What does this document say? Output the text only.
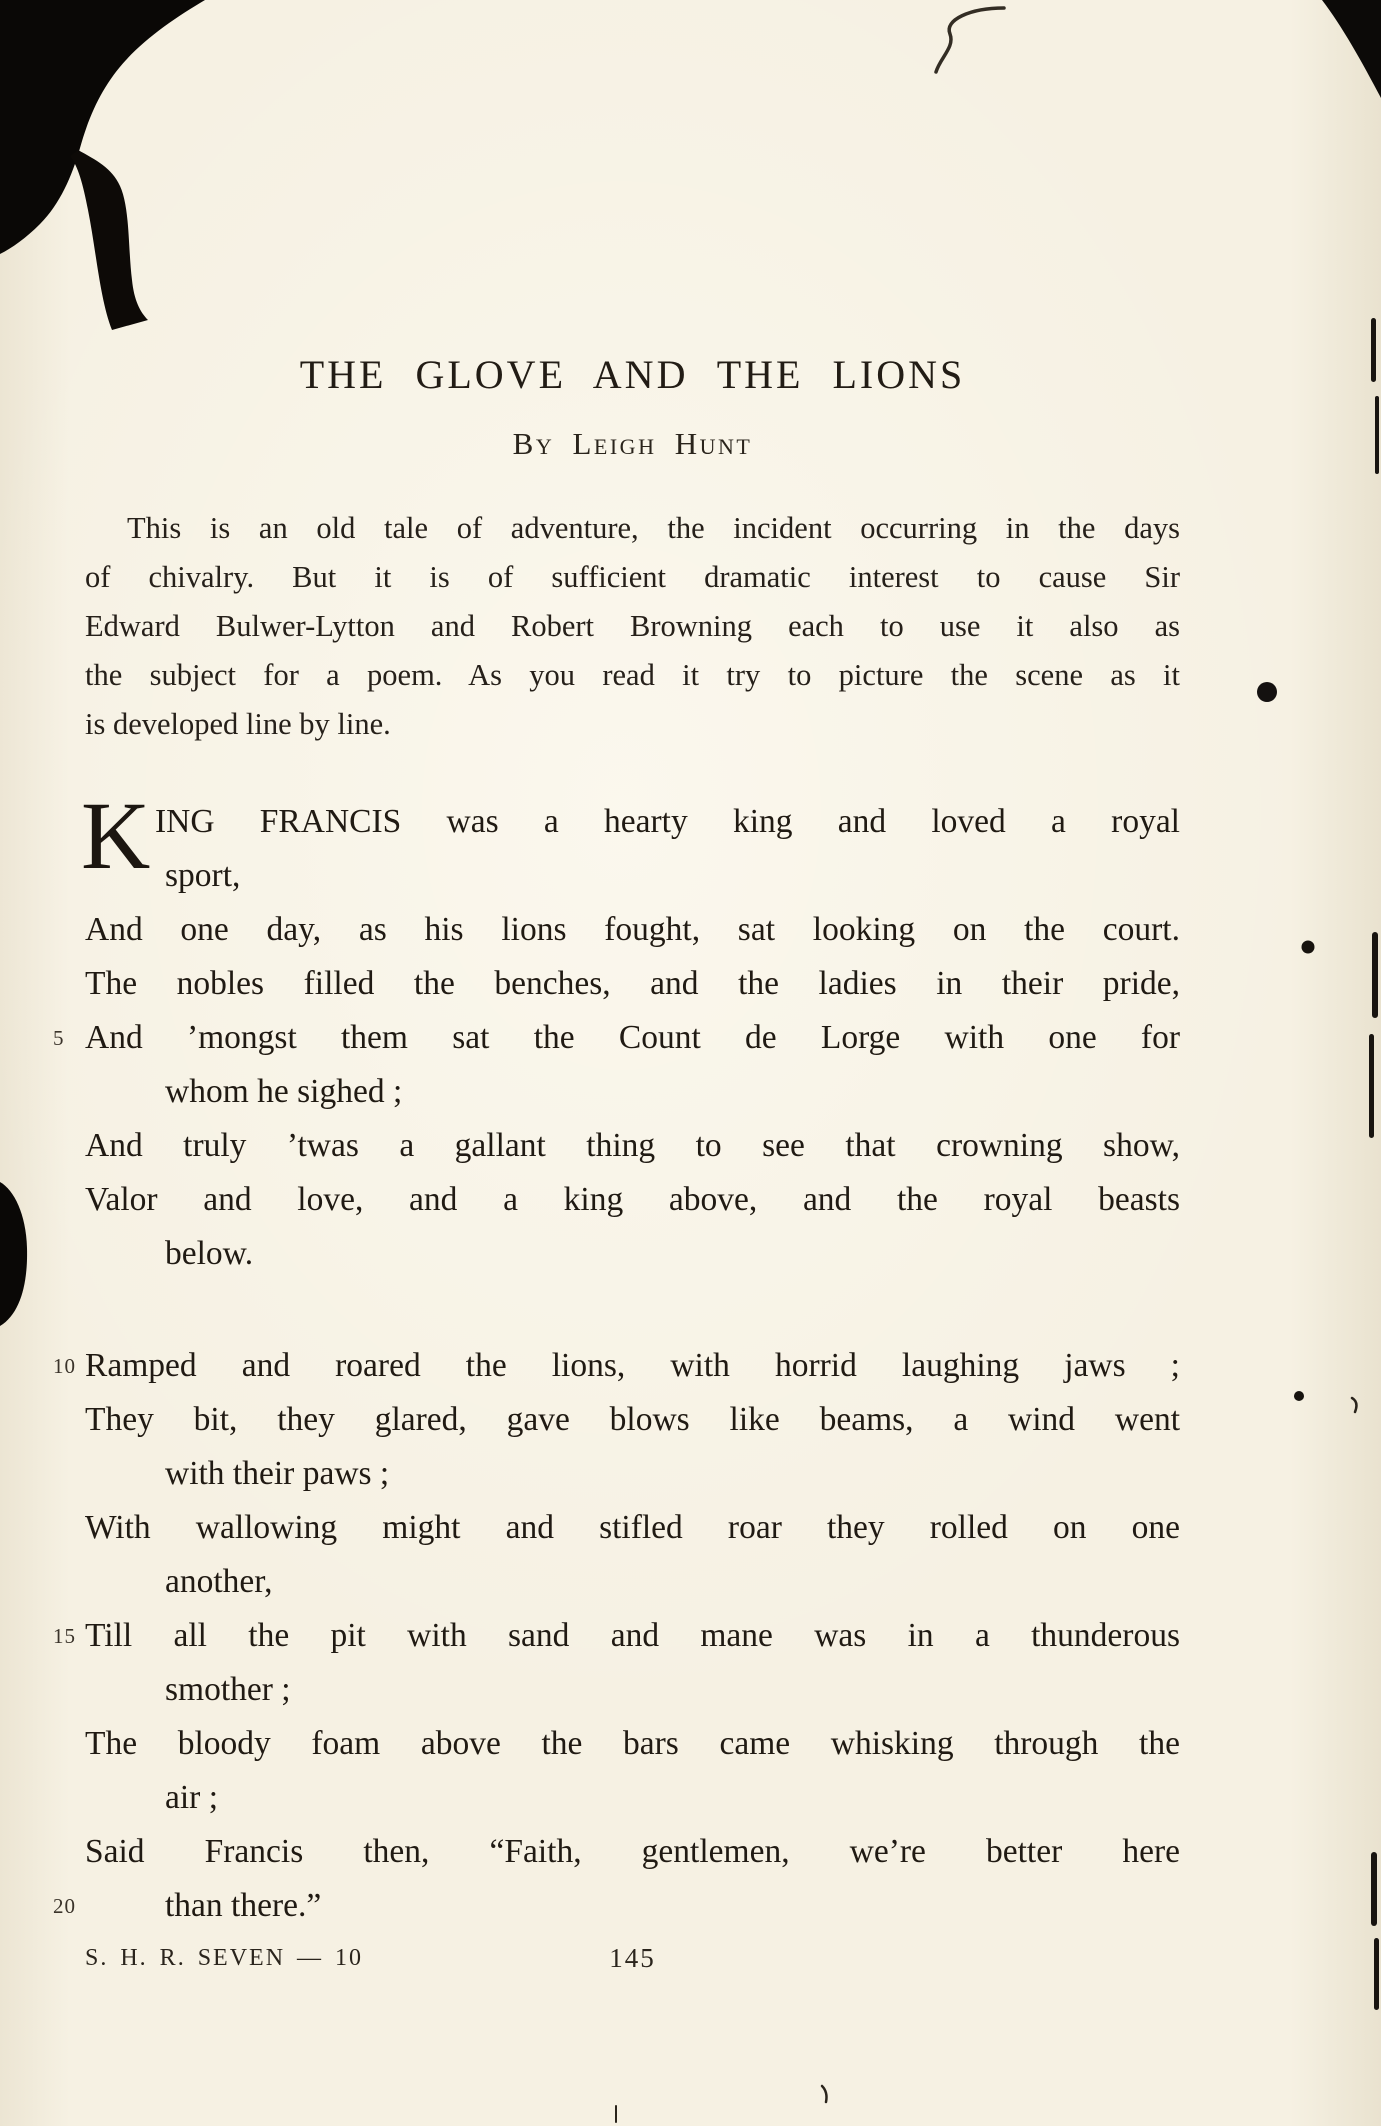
THE GLOVE AND THE LIONS
By Leigh Hunt
This is an old tale of adventure, the incident occurring in the days
of chivalry. But it is of sufficient dramatic interest to cause Sir
Edward Bulwer-Lytton and Robert Browning each to use it also as
the subject for a poem. As you read it try to picture the scene as it
is developed line by line.
K ING FRANCIS was a hearty king and loved a royal
sport,
And one day, as his lions fought, sat looking on the court.
The nobles filled the benches, and the ladies in their pride,
5 And ’mongst them sat the Count de Lorge with one for
whom he sighed ;
And truly ’twas a gallant thing to see that crowning show,
Valor and love, and a king above, and the royal beasts
below.
10 Ramped and roared the lions, with horrid laughing jaws ;
They bit, they glared, gave blows like beams, a wind went
with their paws ;
With wallowing might and stifled roar they rolled on one
another,
15 Till all the pit with sand and mane was in a thunderous
smother ;
The bloody foam above the bars came whisking through the
air ;
Said Francis then, “Faith, gentlemen, we’re better here
20	than there.”
S. H. R. SEVEN — 10	145
